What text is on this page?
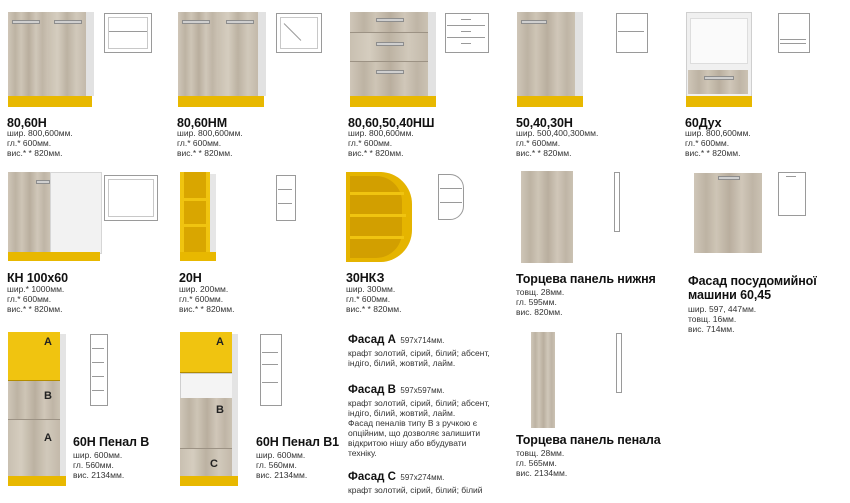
80,60Н
шир. 800,600мм.
гл.* 600мм.
вис.* * 820мм.
80,60НМ
шир. 800,600мм.
гл.* 600мм.
вис.* * 820мм.
80,60,50,40НШ
шир. 800,600мм.
гл.* 600мм.
вис.* * 820мм.
50,40,30Н
шир. 500,400,300мм.
гл.* 600мм.
вис.* * 820мм.
60Дух
шир. 800,600мм.
гл.* 600мм.
вис.* * 820мм.
КН 100х60
шир.* 1000мм.
гл.* 600мм.
вис.* * 820мм.
20Н
шир. 200мм.
гл.* 600мм.
вис.* * 820мм.
30НКЗ
шир. 300мм.
гл.* 600мм.
вис.* * 820мм.
Торцева панель нижня
товщ. 28мм.
гл. 595мм.
вис. 820мм.
Фасад посудомийної
машини 60,45
шир. 597, 447мм.
товщ. 16мм.
вис. 714мм.
A
B
A 60Н Пенал B
шир. 600мм.
гл. 560мм.
вис. 2134мм.
A
B
C
60Н Пенал B1
шир. 600мм.
гл. 560мм.
вис. 2134мм.
Фасад А 597x714мм.
крафт золотий, сірий, білий; абсент,
індіго, білий, жовтий, лайм.
Фасад В 597x597мм.
крафт золотий, сірий, білий; абсент,
індіго, білий, жовтий, лайм.
Фасад пеналів типу В з ручкою є
опційним, що дозволяє залишити
відкритою нішу або вбудувати
техніку.
Фасад С 597x274мм.
крафт золотий, сірий, білий; білий
Торцева панель пенала
товщ. 28мм.
гл. 565мм.
вис. 2134мм.
